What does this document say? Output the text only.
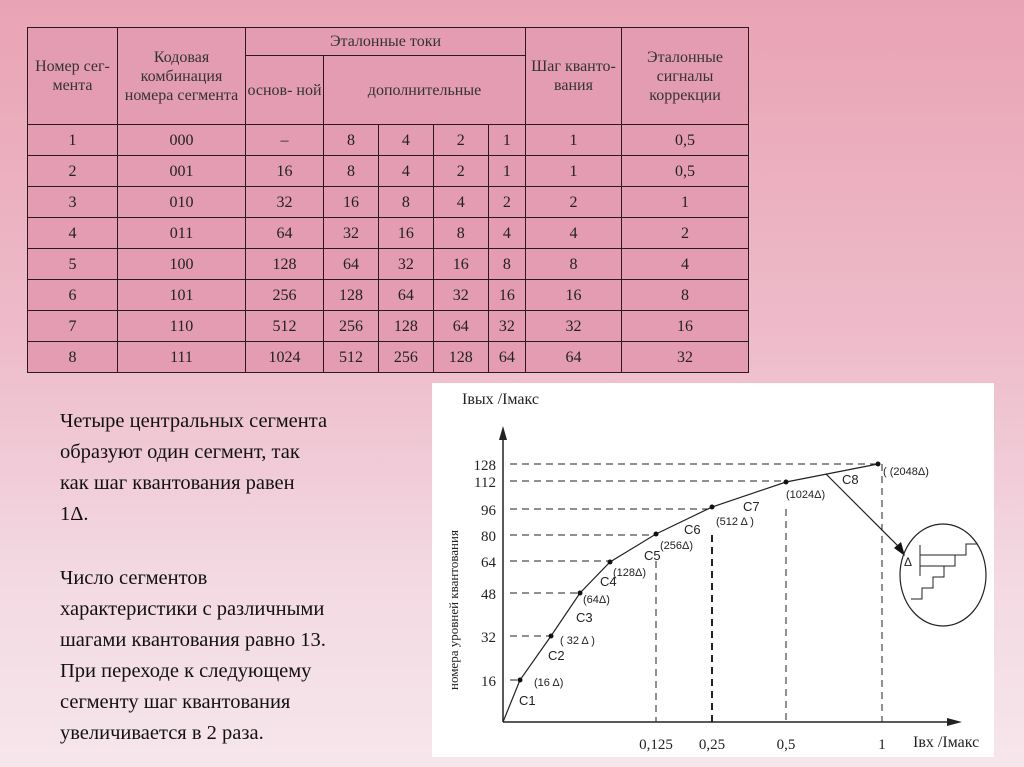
Номер сег- мента	Кодовая комбинация номера сегмента	Эталонные токи					Шаг кванто- вания	Эталонные сигналы коррекции
		основ- ной	дополнительные					
1	000	–	8	4	2	1	1	0,5
2	001	16	8	4	2	1	1	0,5
3	010	32	16	8	4	2	2	1
4	011	64	32	16	8	4	4	2
5	100	128	64	32	16	8	8	4
6	101	256	128	64	32	16	16	8
7	110	512	256	128	64	32	32	16
8	111	1024	512	256	128	64	64	32
Четыре центральных сегмента
образуют один сегмент, так
как шаг квантования равен
1Δ.
Число сегментов
характеристики с различными
шагами квантования равно 13.
При переходе к следующему
сегменту шаг квантования
увеличивается в 2 раза.
128
112
96
80
64
48
32
16
0,125 0,25	0,5	1
(16 Δ)
( 32 Δ )
(64Δ)
(128Δ)
(256Δ)
(512 Δ )
(1024Δ)
( (2048Δ)
C1
C2
C3
C4
C5
C6
C7
C8
Iвых /Iмакс
Iвх /Iмакс
номера уровней квантования	Δ
